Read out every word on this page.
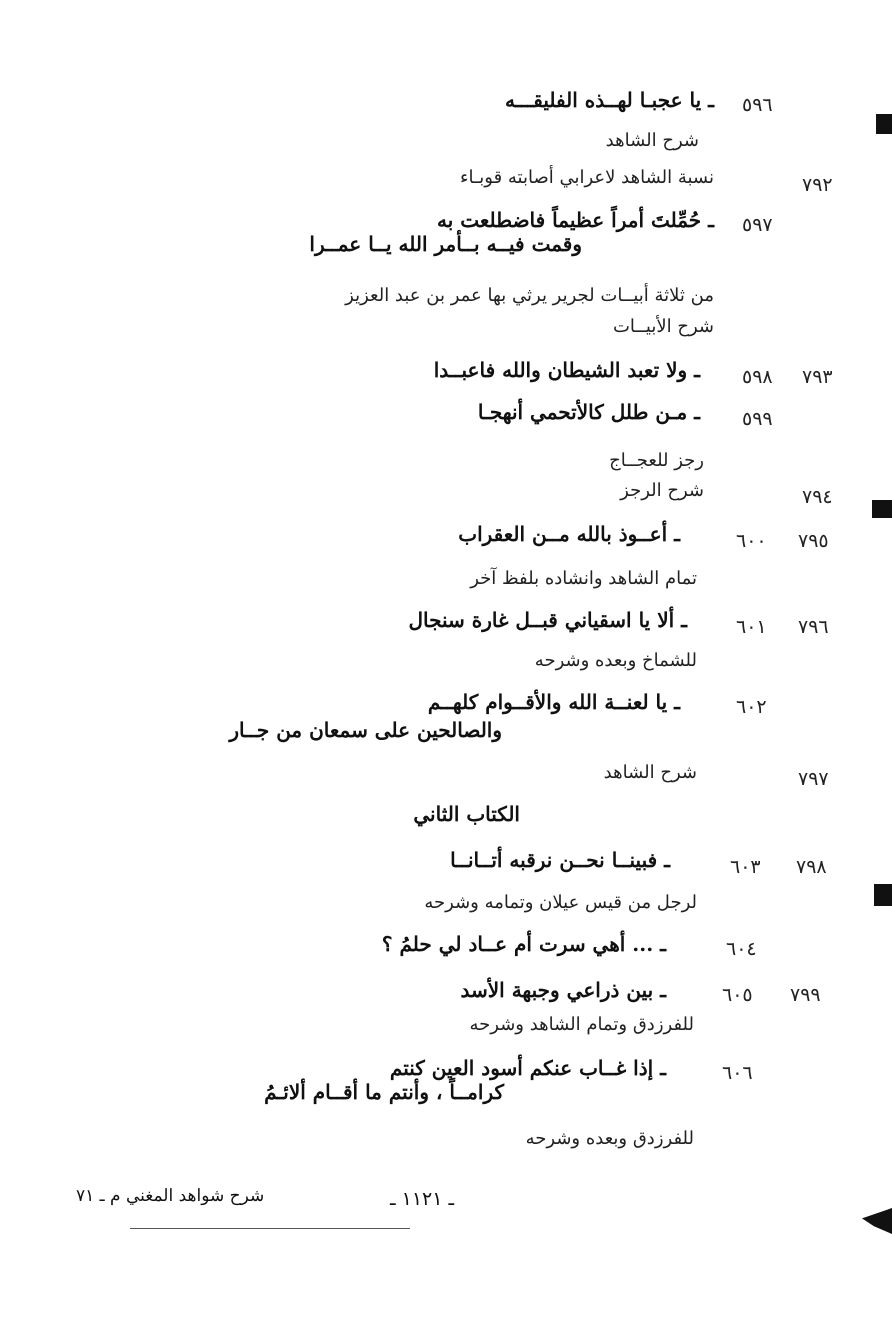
ـ يا عجبـا لهــذه الفليقـــه ٥٩٦
شرح الشاهد
نسبة الشاهد لاعرابي أصابته قوبـاء	٧٩٢
ـ حُمِّلتَ أمراً عظيماً فاضطلعت به ٥٩٧
وقمت فيــه بــأمر الله يــا عمــرا
من ثلاثة أبيــات لجرير يرثي بها عمر بن عبد العزيز
شرح الأبيــات
ـ ولا تعبد الشيطان والله فاعبــدا ٥٩٨ ٧٩٣
ـ مـن طلل كالأتحمي أنهجـا ٥٩٩
رجز للعجــاج
شرح الرجز	٧٩٤
ـ أعــوذ بالله مــن العقراب	٦٠٠ ٧٩٥
تمام الشاهد وانشاده بلفظ آخر
ـ ألا يا اسقياني قبــل غارة سنجال	٦٠١ ٧٩٦
للشماخ وبعده وشرحه
ـ يا لعنــة الله والأقــوام كلهــم	٦٠٢
والصالحين على سمعان من جــار
شرح الشاهد	٧٩٧
الكتاب الثاني
ـ فبينــا نحــن نرقبه أتــانــا	٦٠٣ ٧٩٨
لرجل من قيس عيلان وتمامه وشرحه
ـ ... أهي سرت أم عــاد لي حلمُ ؟	٦٠٤
ـ بين ذراعي وجبهة الأسد	٦٠٥ ٧٩٩
للفرزدق وتمام الشاهد وشرحه
ـ إذا غــاب عنكم أسود العين كنتم	٦٠٦
كرامــاً ، وأنتم ما أقــام ألائـمُ
للفرزدق وبعده وشرحه
ـ ١١٢١ ـ
شرح شواهد المغني م ـ ٧١
